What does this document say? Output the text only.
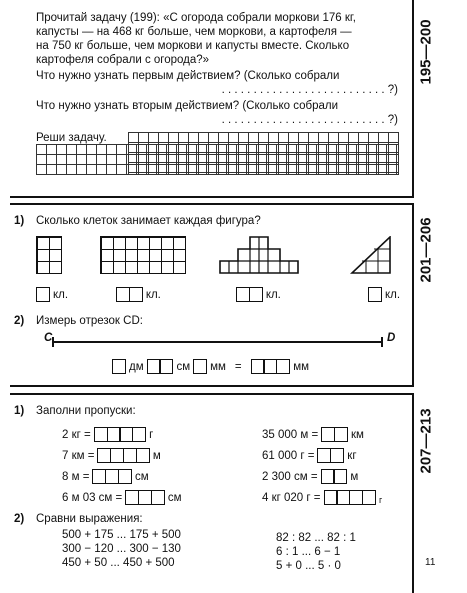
195—200
Прочитай задачу (199): «С огорода собрали моркови 176 кг,
капусты — на 468 кг больше, чем моркови, а картофеля —
на 750 кг больше, чем моркови и капусты вместе. Сколько
картофеля собрали с огорода?»
Что нужно узнать первым действием? (Сколько собрали
. . . . . . . . . . . . . . . . . . . . . . . . . . ?)
Что нужно узнать вторым действием? (Сколько собрали
. . . . . . . . . . . . . . . . . . . . . . . . . . ?)
Реши задачу.
201—206
1) Сколько клеток занимает каждая фигура?
кл.	кл.	кл.	кл.
2) Измерь отрезок CD:
C	D
дм	см мм =	мм
207—213
1) Заполни пропуски:
2 кг =	г
7 км =	м
8 м =	см
6 м 03 см =	см
35 000 м =	км
61 000 г =	кг
2 300 см =	м
4 кг 020 г =	г
2) Сравни выражения:
500 + 175 ... 175 + 500
300 − 120 ... 300 − 130
450 + 50 ... 450 + 500
82 : 82 ... 82 : 1
6 : 1 ... 6 − 1
5 + 0 ... 5 · 0	11
